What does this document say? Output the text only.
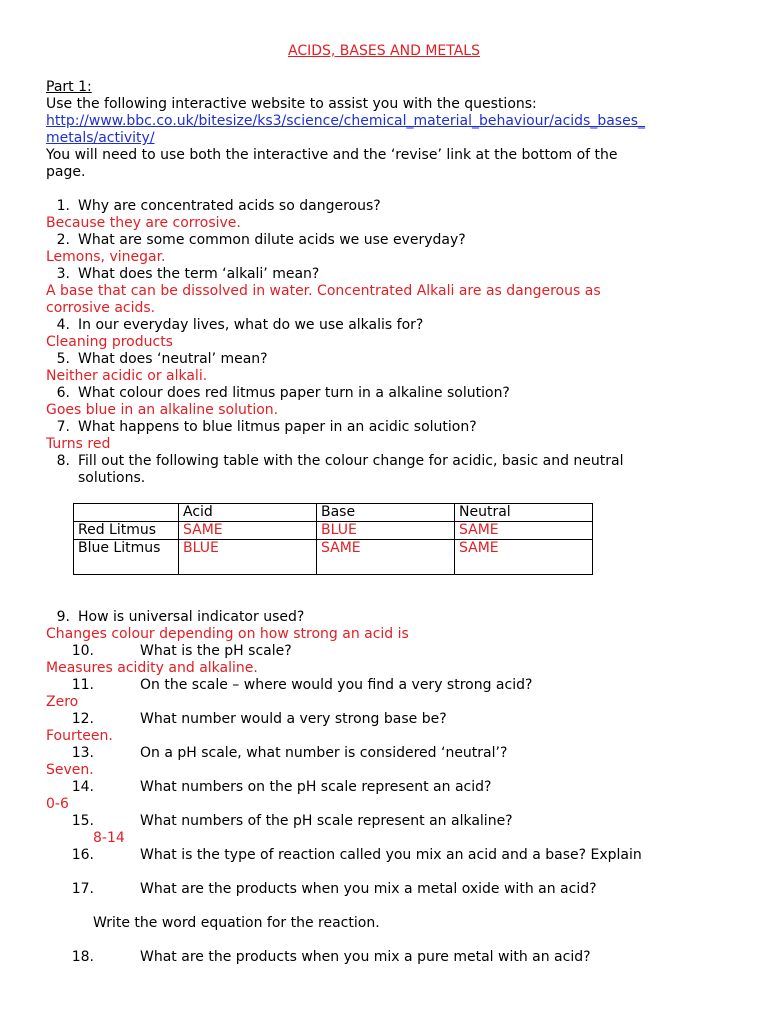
ACIDS, BASES AND METALS
Part 1:
Use the following interactive website to assist you with the questions:
http://www.bbc.co.uk/bitesize/ks3/science/chemical_material_behaviour/acids_bases_
metals/activity/
You will need to use both the interactive and the ‘revise’ link at the bottom of the
page.
1. Why are concentrated acids so dangerous?
Because they are corrosive.
2. What are some common dilute acids we use everyday?
Lemons, vinegar.
3. What does the term ‘alkali’ mean?
A base that can be dissolved in water. Concentrated Alkali are as dangerous as
corrosive acids.
4. In our everyday lives, what do we use alkalis for?
Cleaning products
5. What does ‘neutral’ mean?
Neither acidic or alkali.
6. What colour does red litmus paper turn in a alkaline solution?
Goes blue in an alkaline solution.
7. What happens to blue litmus paper in an acidic solution?
Turns red
8. Fill out the following table with the colour change for acidic, basic and neutral
solutions.
	Acid	Base	Neutral
Red Litmus	SAME	BLUE	SAME
Blue Litmus	BLUE	SAME	SAME
9. How is universal indicator used?
Changes colour depending on how strong an acid is
10.	What is the pH scale?
Measures acidity and alkaline.
11.	On the scale – where would you find a very strong acid?
Zero
12.	What number would a very strong base be?
Fourteen.
13.	On a pH scale, what number is considered ‘neutral’?
Seven.
14.	What numbers on the pH scale represent an acid?
0-6
15.	What numbers of the pH scale represent an alkaline?
8-14
16.	What is the type of reaction called you mix an acid and a base? Explain
17.	What are the products when you mix a metal oxide with an acid?
Write the word equation for the reaction.
18.	What are the products when you mix a pure metal with an acid?
